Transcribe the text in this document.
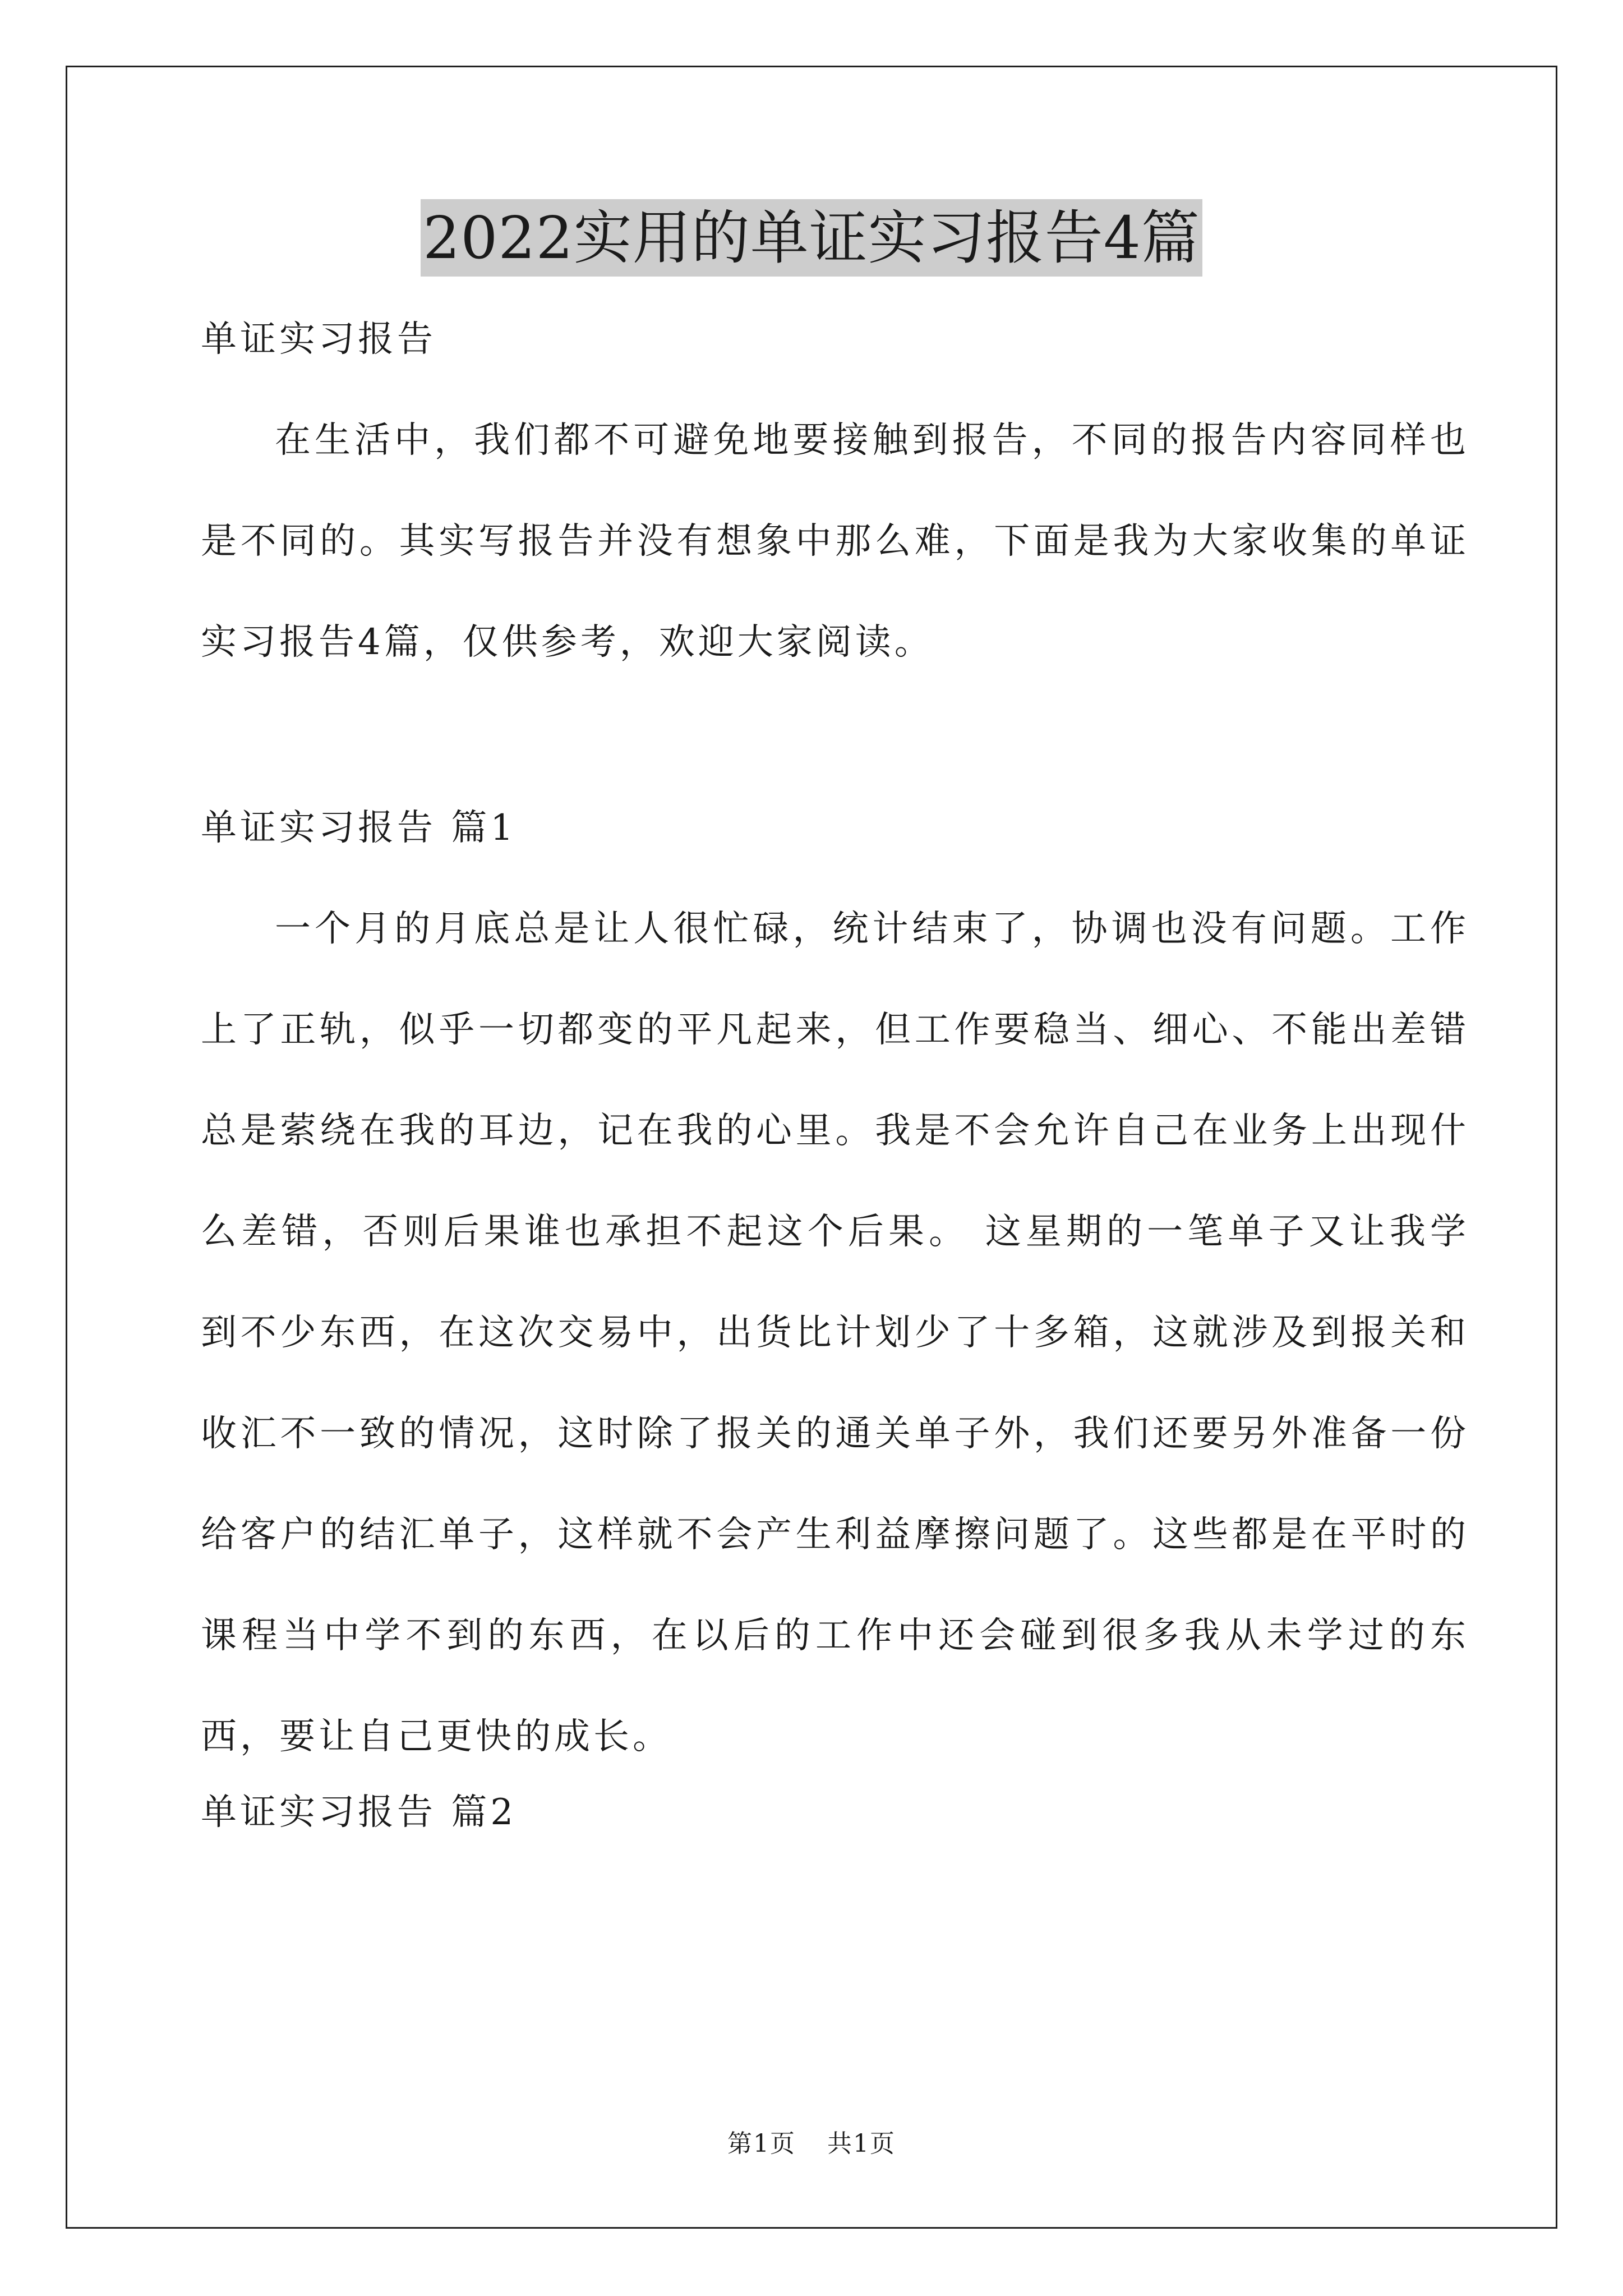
2022实用的单证实习报告4篇

单证实习报告

在生活中，我们都不可避免地要接触到报告，不同的报告内容同样也是不同的。其实写报告并没有想象中那么难，下面是我为大家收集的单证实习报告4篇，仅供参考，欢迎大家阅读。

单证实习报告 篇1

一个月的月底总是让人很忙碌，统计结束了，协调也没有问题。工作上了正轨，似乎一切都变的平凡起来，但工作要稳当、细心、不能出差错总是萦绕在我的耳边，记在我的心里。我是不会允许自己在业务上出现什么差错，否则后果谁也承担不起这个后果。 这星期的一笔单子又让我学到不少东西，在这次交易中，出货比计划少了十多箱，这就涉及到报关和收汇不一致的情况，这时除了报关的通关单子外，我们还要另外准备一份给客户的结汇单子，这样就不会产生利益摩擦问题了。这些都是在平时的课程当中学不到的东西，在以后的工作中还会碰到很多我从未学过的东西，要让自己更快的成长。

单证实习报告 篇2

第1页 共1页
